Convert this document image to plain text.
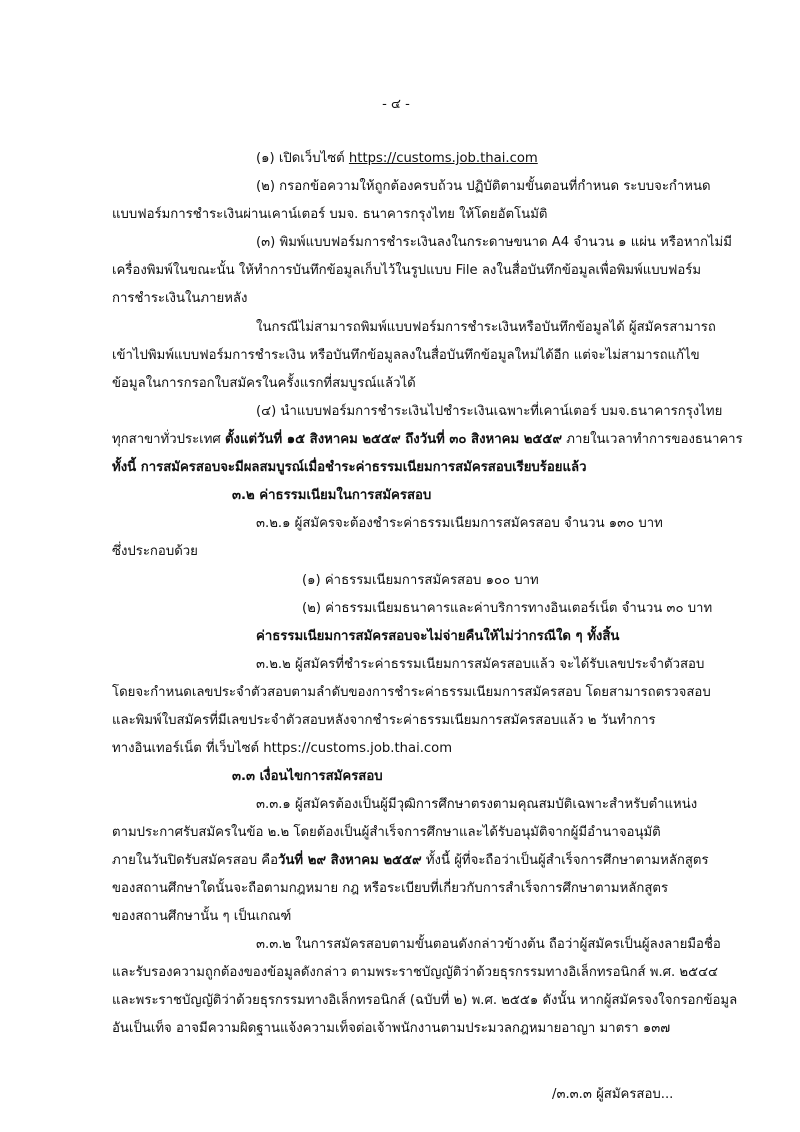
- ๔ -
(๑) เปิดเว็บไซต์ https://customs.job.thai.com
(๒) กรอกข้อความให้ถูกต้องครบถ้วน ปฏิบัติตามขั้นตอนที่กำหนด ระบบจะกำหนด
แบบฟอร์มการชำระเงินผ่านเคาน์เตอร์ บมจ. ธนาคารกรุงไทย ให้โดยอัตโนมัติ
(๓) พิมพ์แบบฟอร์มการชำระเงินลงในกระดาษขนาด A4 จำนวน ๑ แผ่น หรือหากไม่มี
เครื่องพิมพ์ในขณะนั้น ให้ทำการบันทึกข้อมูลเก็บไว้ในรูปแบบ File ลงในสื่อบันทึกข้อมูลเพื่อพิมพ์แบบฟอร์ม
การชำระเงินในภายหลัง
ในกรณีไม่สามารถพิมพ์แบบฟอร์มการชำระเงินหรือบันทึกข้อมูลได้ ผู้สมัครสามารถ
เข้าไปพิมพ์แบบฟอร์มการชำระเงิน หรือบันทึกข้อมูลลงในสื่อบันทึกข้อมูลใหม่ได้อีก แต่จะไม่สามารถแก้ไข
ข้อมูลในการกรอกใบสมัครในครั้งแรกที่สมบูรณ์แล้วได้
(๔) นำแบบฟอร์มการชำระเงินไปชำระเงินเฉพาะที่เคาน์เตอร์ บมจ.ธนาคารกรุงไทย
ทุกสาขาทั่วประเทศ ตั้งแต่วันที่ ๑๕ สิงหาคม ๒๕๕๙ ถึงวันที่ ๓๐ สิงหาคม ๒๕๕๙ ภายในเวลาทำการของธนาคาร
ทั้งนี้ การสมัครสอบจะมีผลสมบูรณ์เมื่อชำระค่าธรรมเนียมการสมัครสอบเรียบร้อยแล้ว
๓.๒ ค่าธรรมเนียมในการสมัครสอบ
๓.๒.๑ ผู้สมัครจะต้องชำระค่าธรรมเนียมการสมัครสอบ จำนวน ๑๓๐ บาท
ซึ่งประกอบด้วย
(๑) ค่าธรรมเนียมการสมัครสอบ ๑๐๐ บาท
(๒) ค่าธรรมเนียมธนาคารและค่าบริการทางอินเตอร์เน็ต จำนวน ๓๐ บาท
ค่าธรรมเนียมการสมัครสอบจะไม่จ่ายคืนให้ไม่ว่ากรณีใด ๆ ทั้งสิ้น
๓.๒.๒ ผู้สมัครที่ชำระค่าธรรมเนียมการสมัครสอบแล้ว จะได้รับเลขประจำตัวสอบ
โดยจะกำหนดเลขประจำตัวสอบตามลำดับของการชำระค่าธรรมเนียมการสมัครสอบ โดยสามารถตรวจสอบ
และพิมพ์ใบสมัครที่มีเลขประจำตัวสอบหลังจากชำระค่าธรรมเนียมการสมัครสอบแล้ว ๒ วันทำการ
ทางอินเทอร์เน็ต ที่เว็บไซต์ https://customs.job.thai.com
๓.๓ เงื่อนไขการสมัครสอบ
๓.๓.๑ ผู้สมัครต้องเป็นผู้มีวุฒิการศึกษาตรงตามคุณสมบัติเฉพาะสำหรับตำแหน่ง
ตามประกาศรับสมัครในข้อ ๒.๒ โดยต้องเป็นผู้สำเร็จการศึกษาและได้รับอนุมัติจากผู้มีอำนาจอนุมัติ
ภายในวันปิดรับสมัครสอบ คือวันที่ ๒๙ สิงหาคม ๒๕๕๙ ทั้งนี้ ผู้ที่จะถือว่าเป็นผู้สำเร็จการศึกษาตามหลักสูตร
ของสถานศึกษาใดนั้นจะถือตามกฎหมาย กฎ หรือระเบียบที่เกี่ยวกับการสำเร็จการศึกษาตามหลักสูตร
ของสถานศึกษานั้น ๆ เป็นเกณฑ์
๓.๓.๒ ในการสมัครสอบตามขั้นตอนดังกล่าวข้างต้น ถือว่าผู้สมัครเป็นผู้ลงลายมือชื่อ
และรับรองความถูกต้องของข้อมูลดังกล่าว ตามพระราชบัญญัติว่าด้วยธุรกรรมทางอิเล็กทรอนิกส์ พ.ศ. ๒๕๔๔
และพระราชบัญญัติว่าด้วยธุรกรรมทางอิเล็กทรอนิกส์ (ฉบับที่ ๒) พ.ศ. ๒๕๕๑ ดังนั้น หากผู้สมัครจงใจกรอกข้อมูล
อันเป็นเท็จ อาจมีความผิดฐานแจ้งความเท็จต่อเจ้าพนักงานตามประมวลกฎหมายอาญา มาตรา ๑๓๗
/๓.๓.๓ ผู้สมัครสอบ...
